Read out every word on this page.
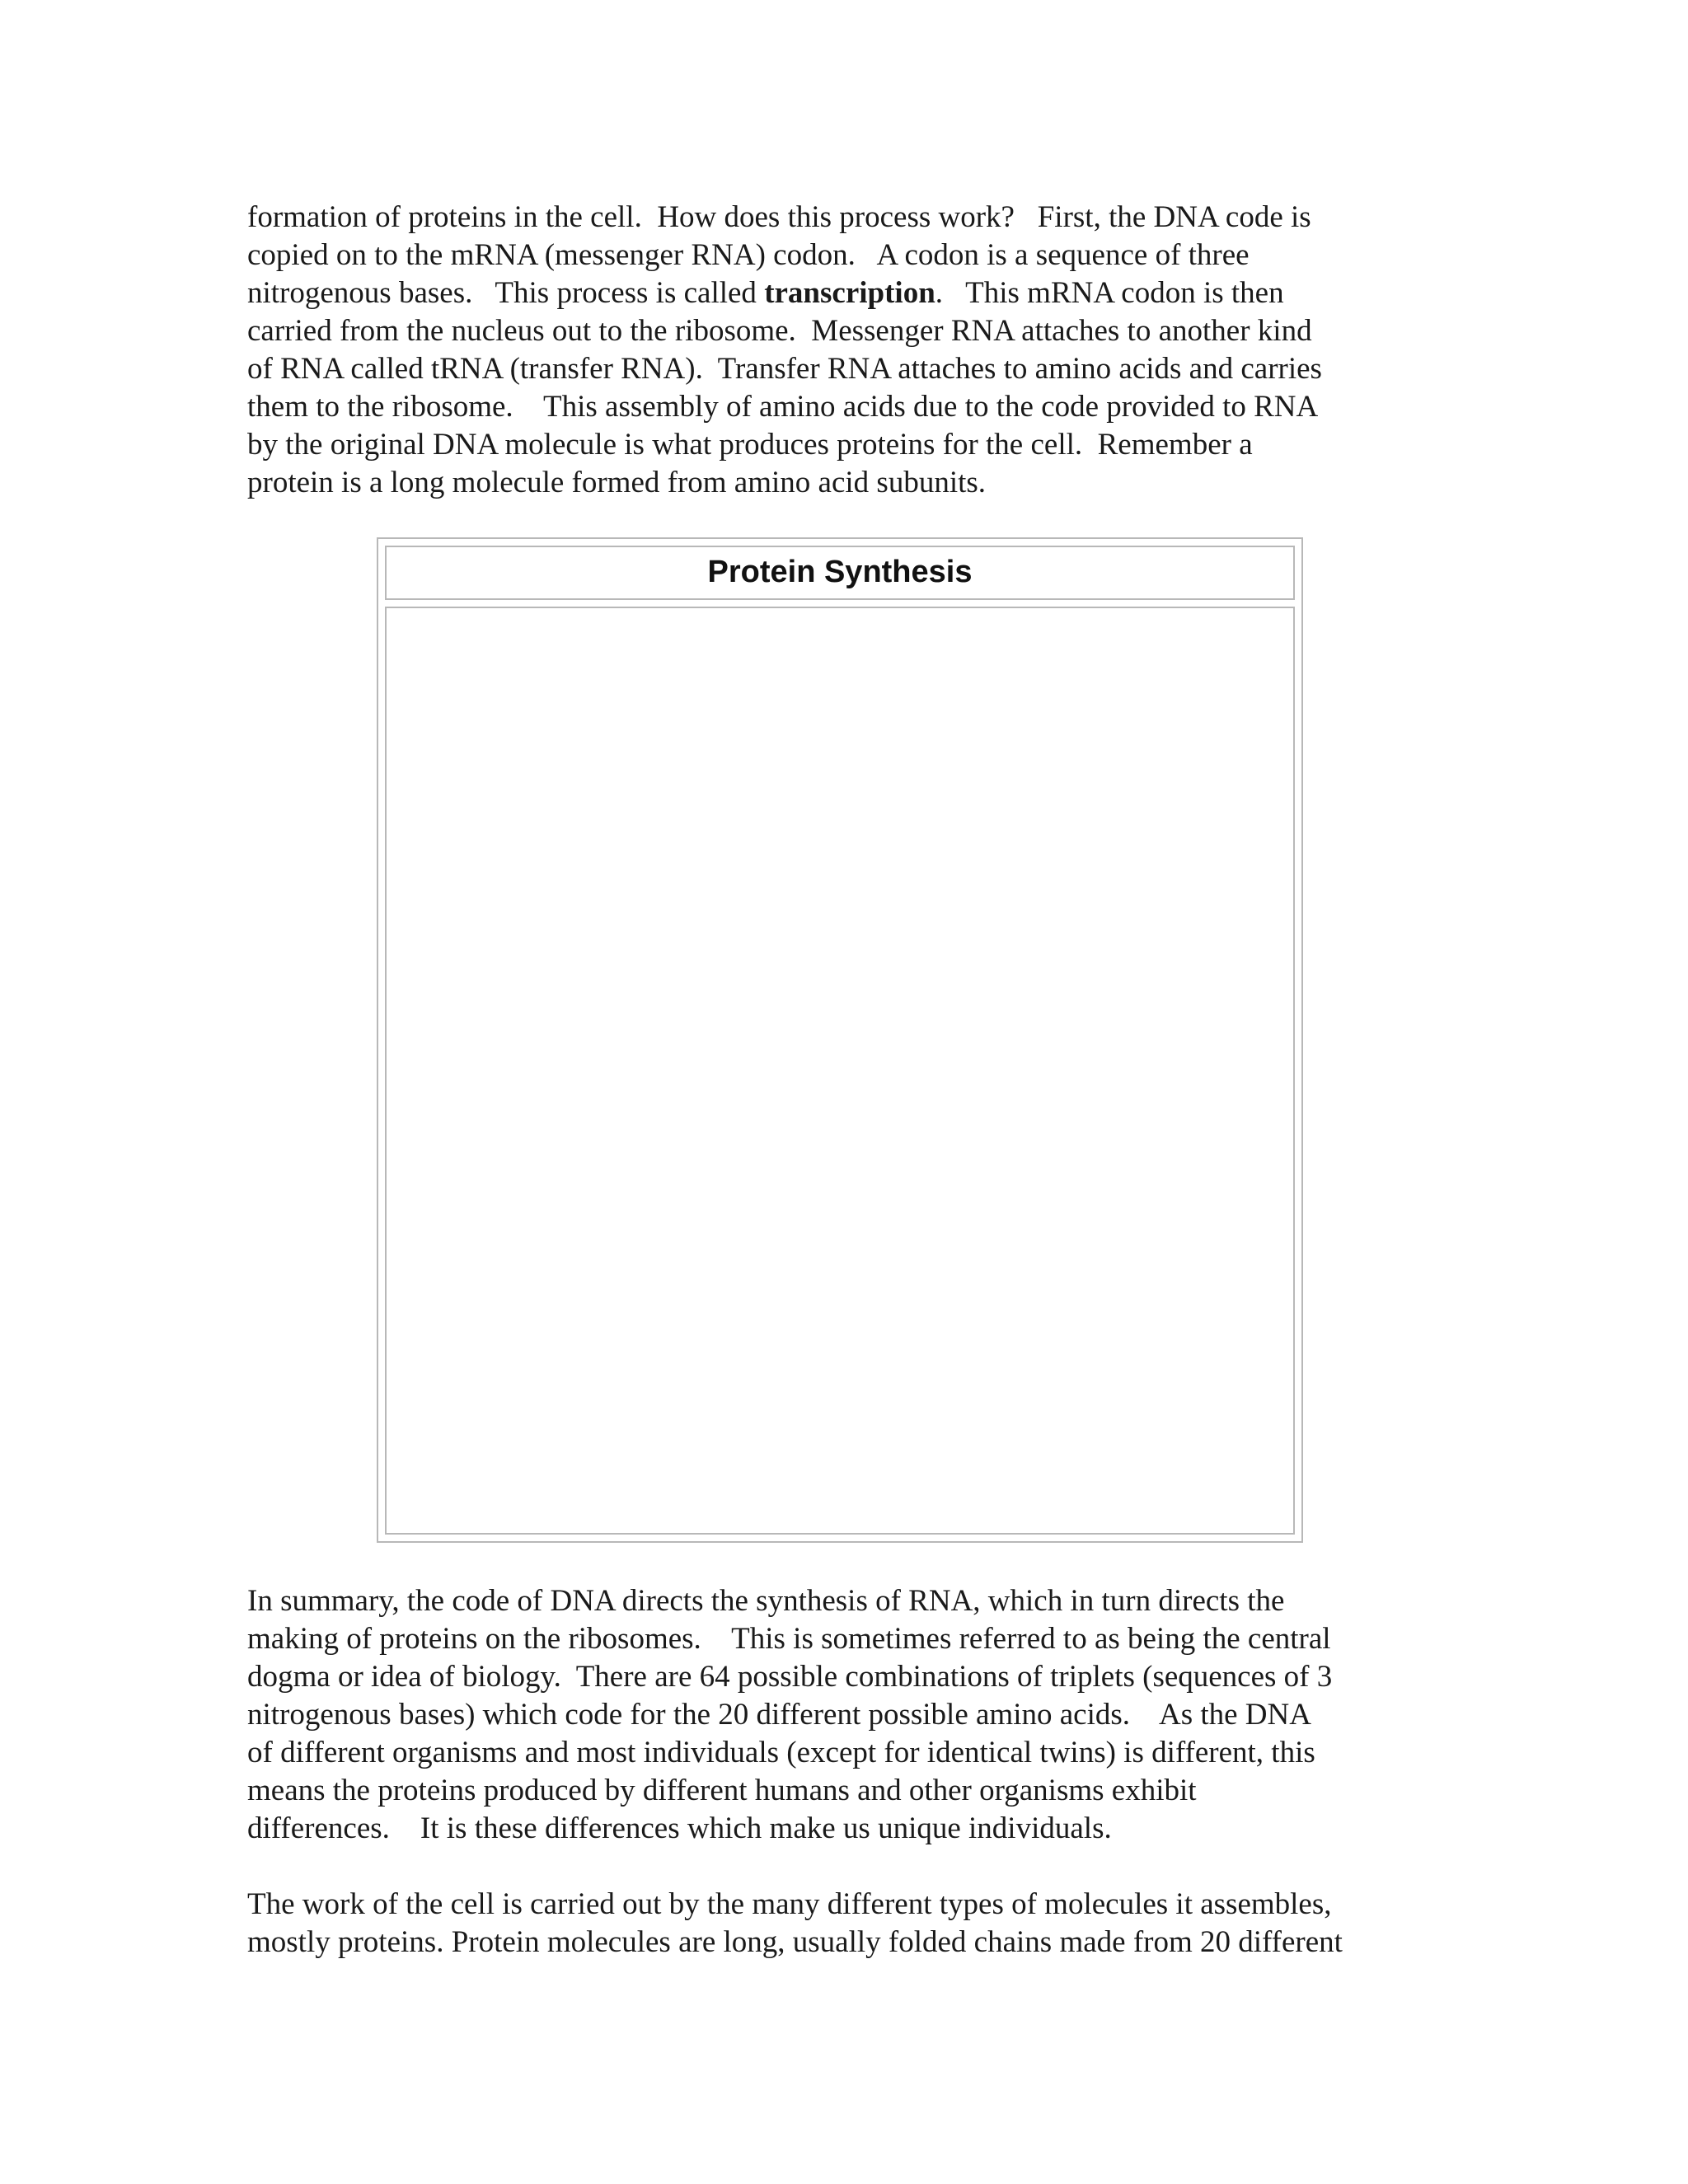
formation of proteins in the cell.  How does this process work?   First, the DNA code is
copied on to the mRNA (messenger RNA) codon.   A codon is a sequence of three
nitrogenous bases.   This process is called transcription.   This mRNA codon is then
carried from the nucleus out to the ribosome.  Messenger RNA attaches to another kind
of RNA called tRNA (transfer RNA).  Transfer RNA attaches to amino acids and carries
them to the ribosome.    This assembly of amino acids due to the code provided to RNA
by the original DNA molecule is what produces proteins for the cell.  Remember a
protein is a long molecule formed from amino acid subunits.

Protein Synthesis

In summary, the code of DNA directs the synthesis of RNA, which in turn directs the
making of proteins on the ribosomes.    This is sometimes referred to as being the central
dogma or idea of biology.  There are 64 possible combinations of triplets (sequences of 3
nitrogenous bases) which code for the 20 different possible amino acids.    As the DNA
of different organisms and most individuals (except for identical twins) is different, this
means the proteins produced by different humans and other organisms exhibit
differences.    It is these differences which make us unique individuals.

The work of the cell is carried out by the many different types of molecules it assembles,
mostly proteins. Protein molecules are long, usually folded chains made from 20 different
